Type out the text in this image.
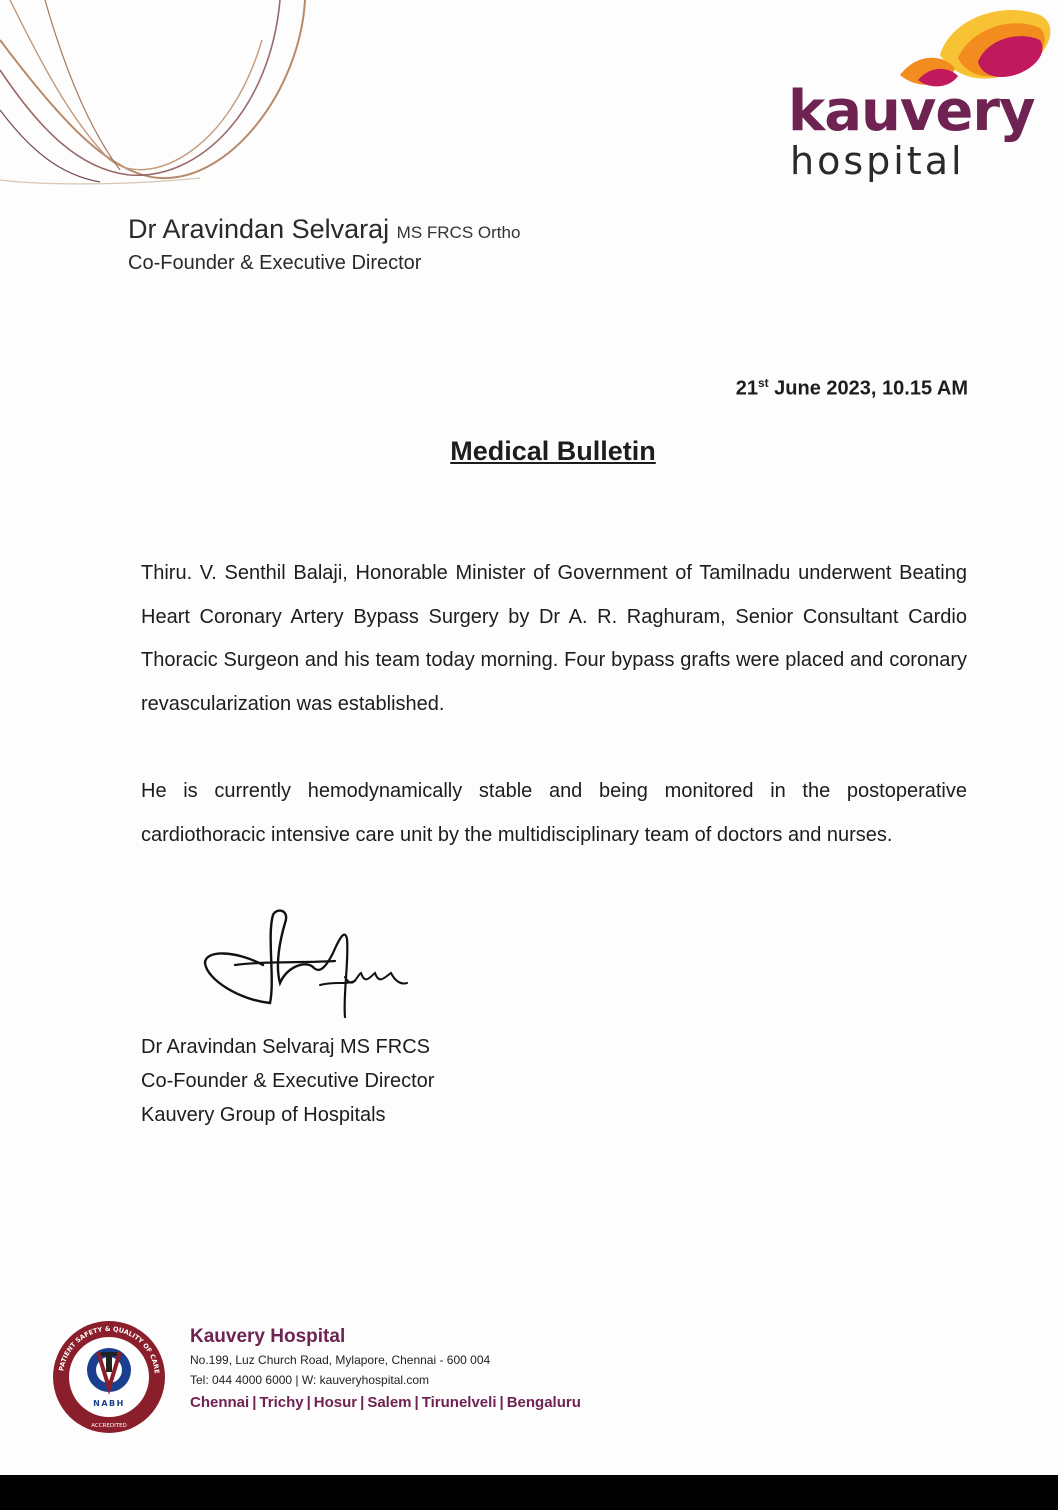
kauvery
hospital
Dr Aravindan Selvaraj MS FRCS Ortho
Co-Founder & Executive Director
21st June 2023, 10.15 AM
Medical Bulletin

Thiru. V. Senthil Balaji, Honorable Minister of Government of Tamilnadu underwent Beating Heart Coronary Artery Bypass Surgery by Dr A. R. Raghuram, Senior Consultant Cardio Thoracic Surgeon and his team today morning. Four bypass grafts were placed and coronary revascularization was established.

He is currently hemodynamically stable and being monitored in the postoperative cardiothoracic intensive care unit by the multidisciplinary team of doctors and nurses.

Dr Aravindan Selvaraj MS FRCS
Co-Founder & Executive Director
Kauvery Group of Hospitals
PATIENT SAFETY & QUALITY OF CARE
ACCREDITED
NABH
Kauvery Hospital
No.199, Luz Church Road, Mylapore, Chennai - 600 004
Tel: 044 4000 6000 | W: kauveryhospital.com
Chennai | Trichy | Hosur | Salem | Tirunelveli | Bengaluru
